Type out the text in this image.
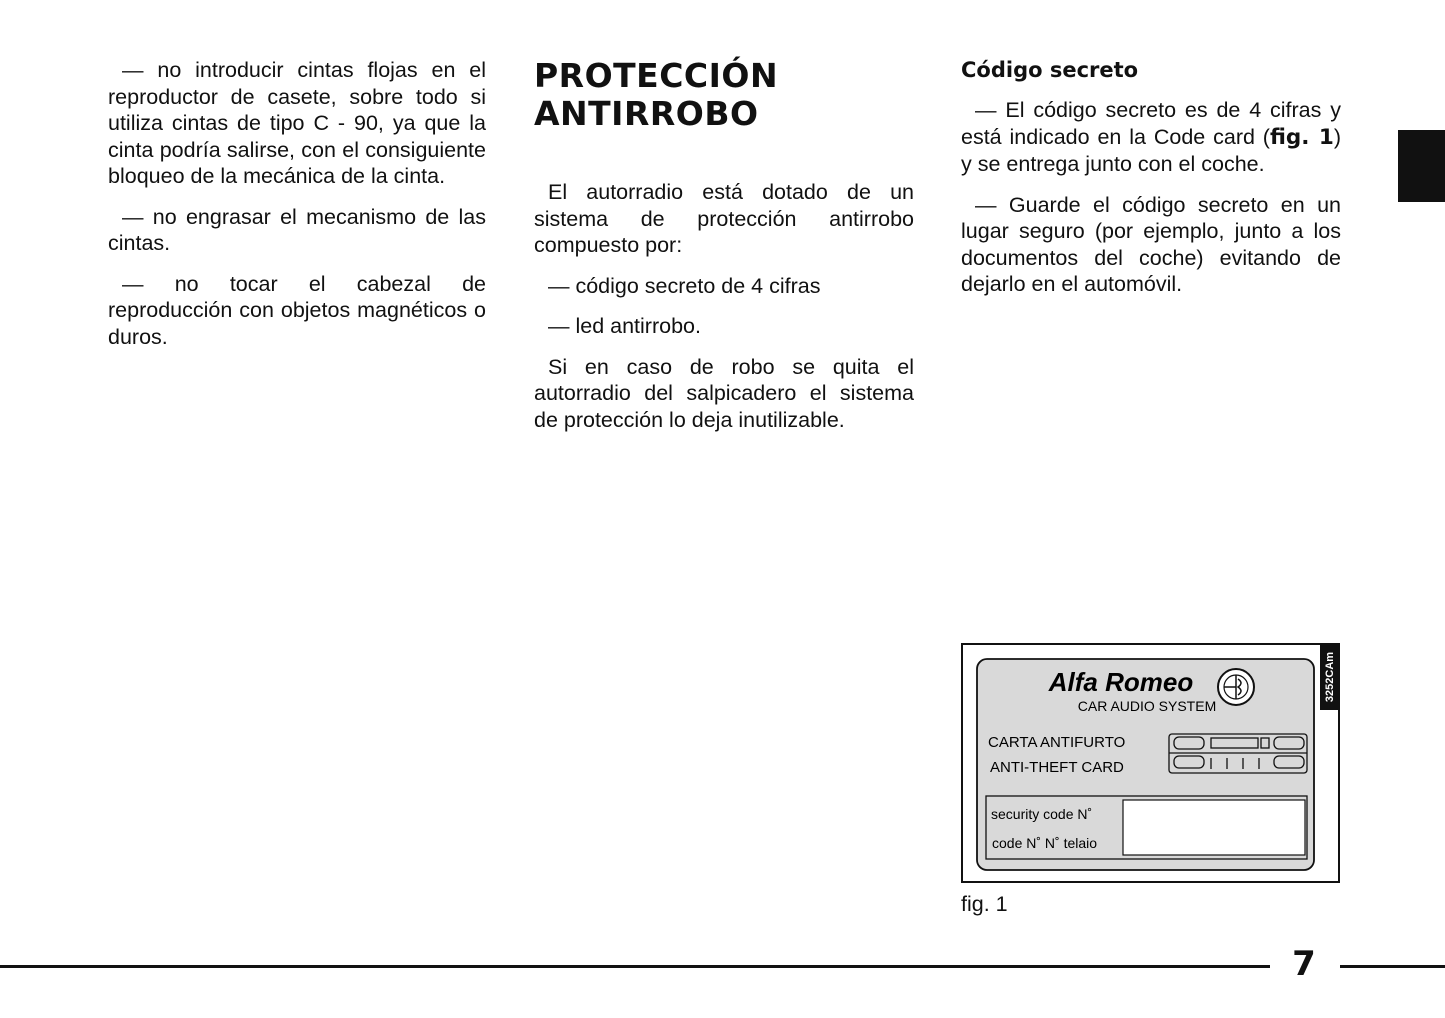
— no introducir cintas flojas en el reproductor de casete, sobre todo si utiliza cintas de tipo C - 90, ya que la cinta podría salirse, con el consiguiente bloqueo de la mecánica de la cinta.

— no engrasar el mecanismo de las cintas.

— no tocar el cabezal de reproducción con objetos magnéticos o duros.

PROTECCIÓN
ANTIRROBO

El autorradio está dotado de un sistema de protección antirrobo compuesto por:

— código secreto de 4 cifras

— led antirrobo.

Si en caso de robo se quita el autorradio del salpicadero el sistema de protección lo deja inutilizable.

Código secreto

— El código secreto es de 4 cifras y está indicado en la Code card (fig. 1) y se entrega junto con el coche.

— Guarde el código secreto en un lugar seguro (por ejemplo, junto a los documentos del coche) evitando de dejarlo en el automóvil.

3252CAm
Alfa Romeo
CAR AUDIO SYSTEM
CARTA ANTIFURTO
ANTI-THEFT CARD
security code N˚
code N˚ N˚ telaio
fig. 1
7
